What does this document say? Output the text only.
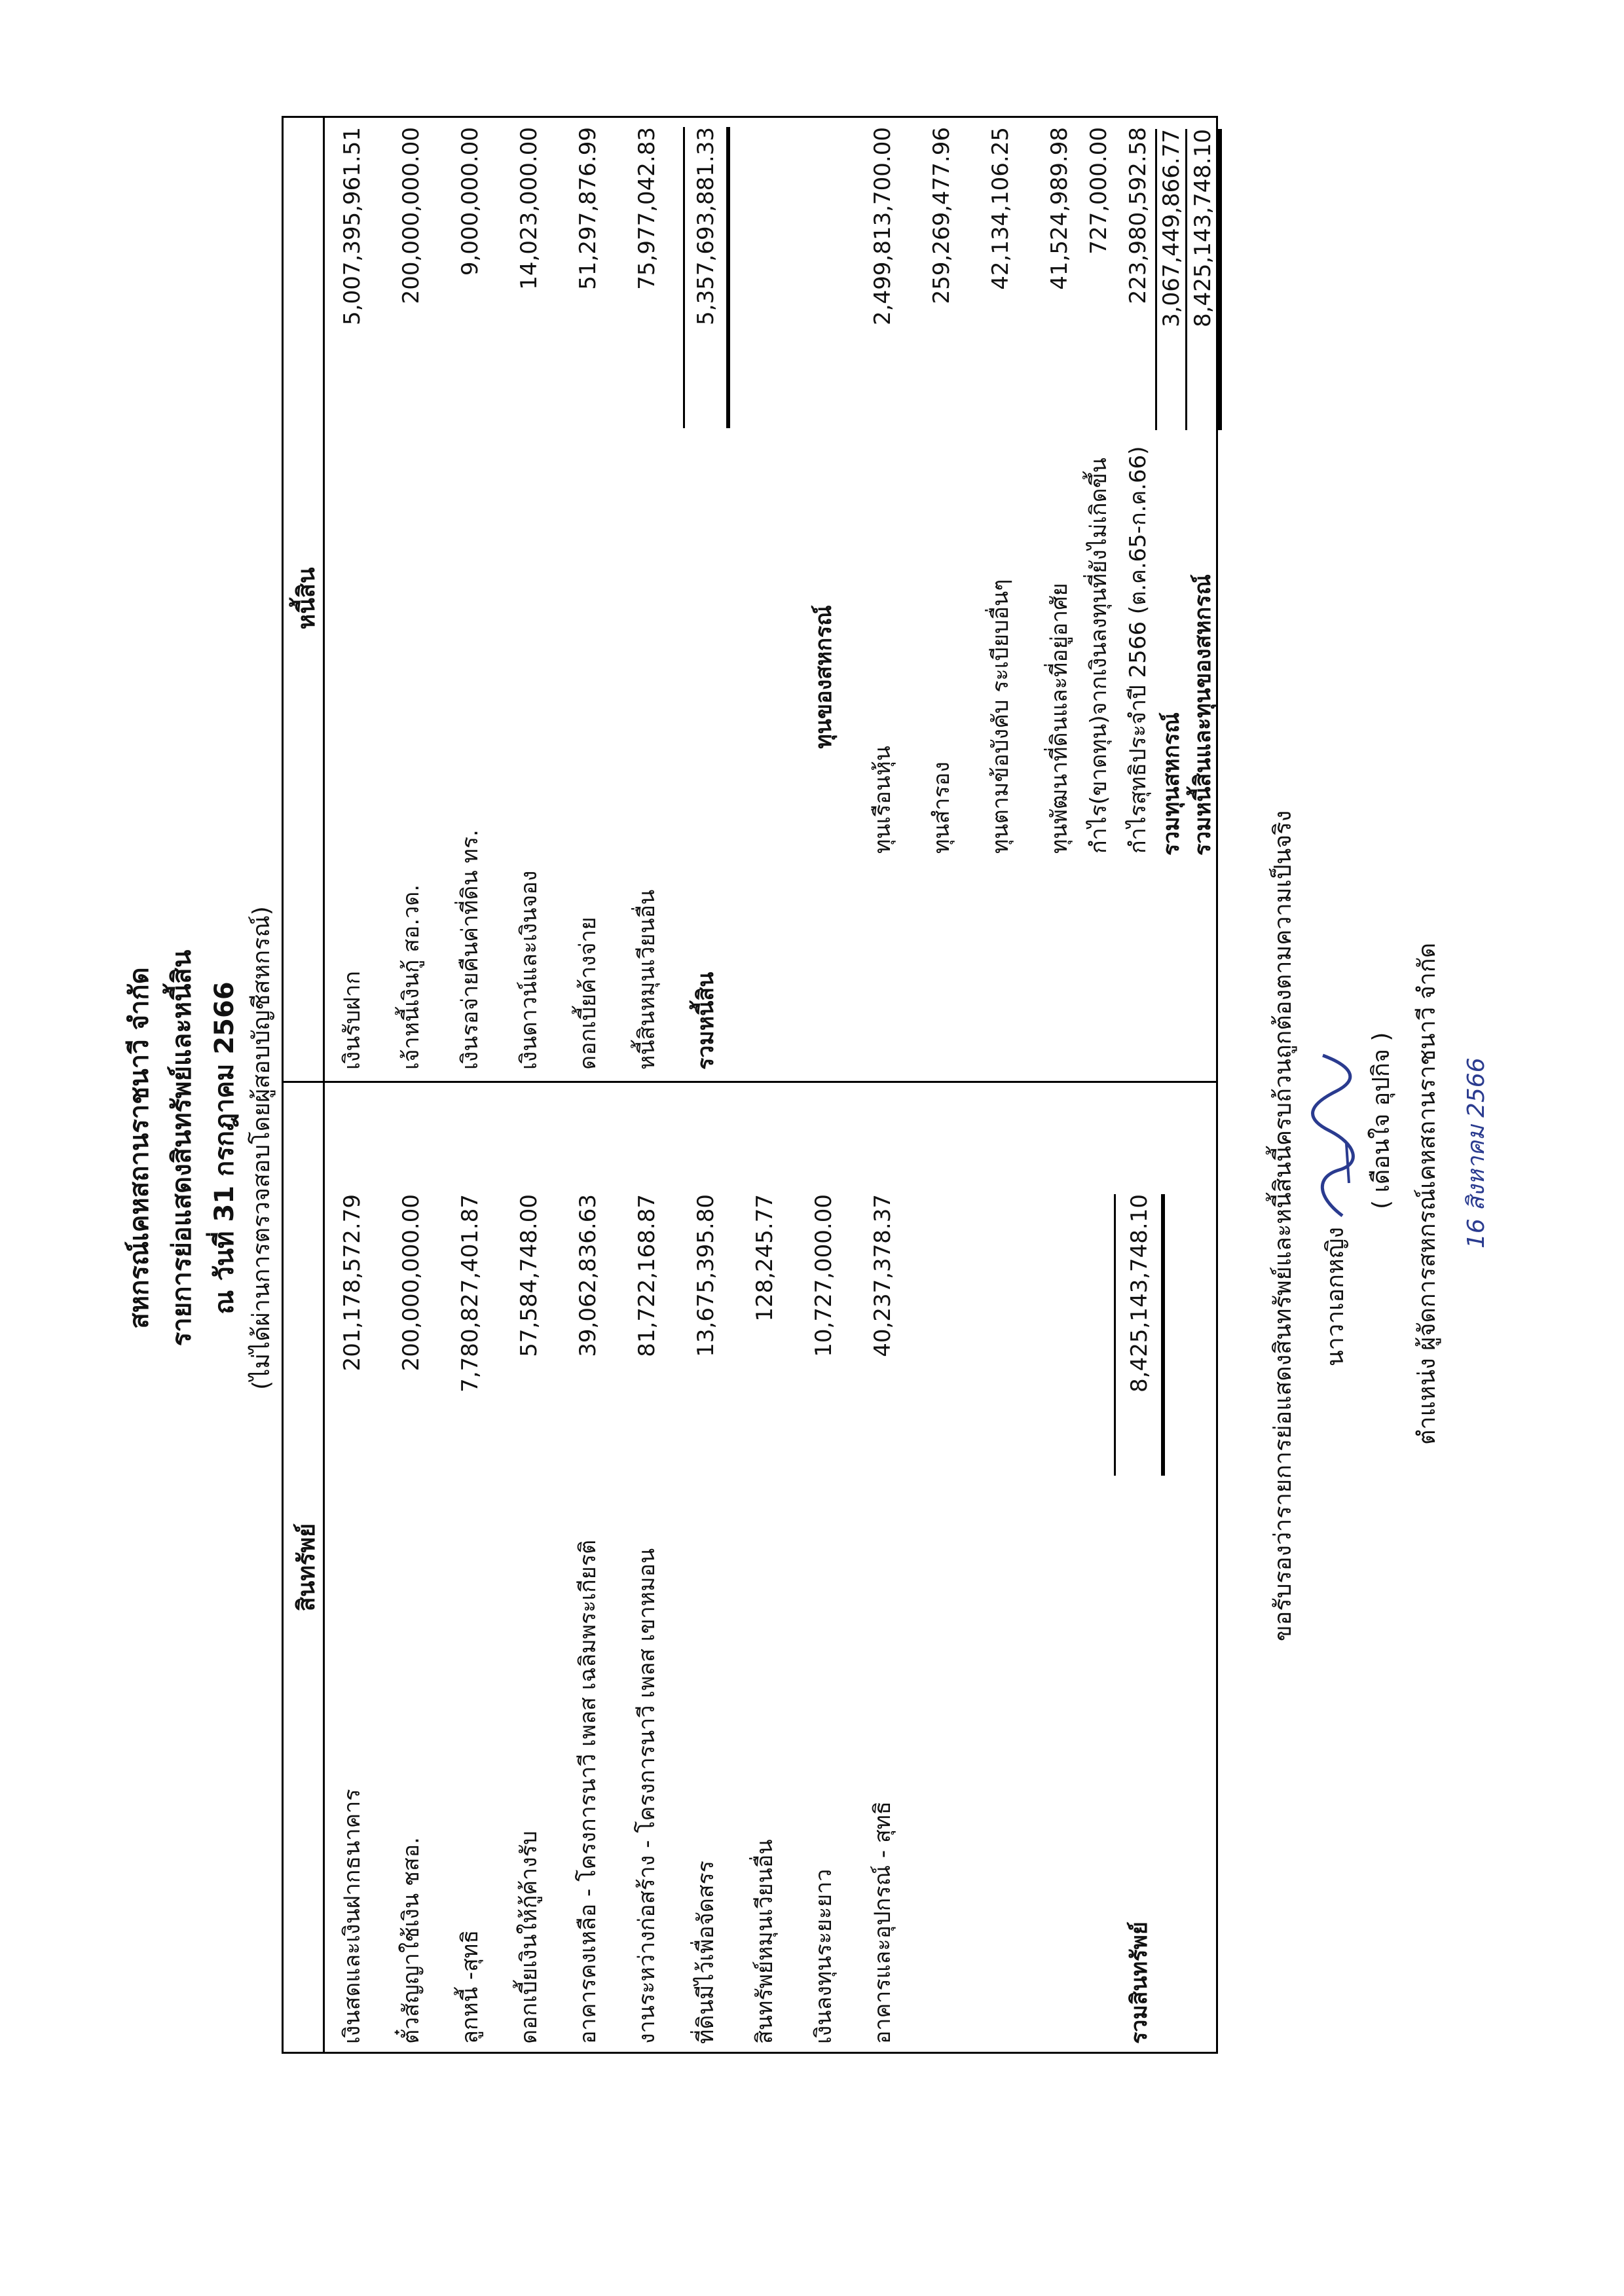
สหกรณ์เคหสถานราชนาวี จำกัด รายการย่อแสดงสินทรัพย์และหนี้สิน ณ วันที่ 31 กรกฎาคม 2566 (ไม่ได้ผ่านการตรวจสอบโดยผู้สอบบัญชีสหกรณ์)
สินทรัพย์
หนี้สิน
เงินสดและเงินฝากธนาคาร
201,178,572.79
ตั๋วสัญญาใช้เงิน ชสอ.
200,000,000.00
ลูกหนี้ -สุทธิ
7,780,827,401.87
ดอกเบี้ยเงินให้กู้ค้างรับ
57,584,748.00
อาคารคงเหลือ - โครงการนาวี เพลส เฉลิมพระเกียรติ
39,062,836.63
งานระหว่างก่อสร้าง - โครงการนาวี เพลส เขาหมอน
81,722,168.87
ที่ดินมีไว้เพื่อจัดสรร
13,675,395.80
สินทรัพย์หมุนเวียนอื่น
128,245.77
เงินลงทุนระยะยาว
10,727,000.00
อาคารและอุปกรณ์ - สุทธิ
40,237,378.37
รวมสินทรัพย์
8,425,143,748.10
เงินรับฝาก
5,007,395,961.51
เจ้าหนี้เงินกู้ สอ.วด.
200,000,000.00
เงินรอจ่ายคืนค่าที่ดิน ทร.
9,000,000.00
เงินดาวน์และเงินจอง
14,023,000.00
ดอกเบี้ยค้างจ่าย
51,297,876.99
หนี้สินหมุนเวียนอื่น
75,977,042.83
รวมหนี้สิน
5,357,693,881.33
ทุนของสหกรณ์
ทุนเรือนหุ้น
2,499,813,700.00
ทุนสำรอง
259,269,477.96
ทุนตามข้อบังคับ ระเบียบอื่นๆ
42,134,106.25
ทุนพัฒนาที่ดินและที่อยู่อาศัย
41,524,989.98
กำไร(ขาดทุน)จากเงินลงทุนที่ยังไม่เกิดขึ้น
727,000.00
กำไรสุทธิประจำปี 2566 (ต.ค.65-ก.ค.66)
223,980,592.58
รวมทุนสหกรณ์
3,067,449,866.77
รวมหนี้สินและทุนของสหกรณ์
8,425,143,748.10
ขอรับรองว่ารายการย่อแสดงสินทรัพย์และหนี้สินนี้ครบถ้วนถูกต้องตามความเป็นจริง นาวาเอกหญิง
( เดือนใจ อุปกิจ ) ตำแหน่ง ผู้จัดการสหกรณ์เคหสถานราชนาวี จำกัด 16 สิงหาคม 2566
